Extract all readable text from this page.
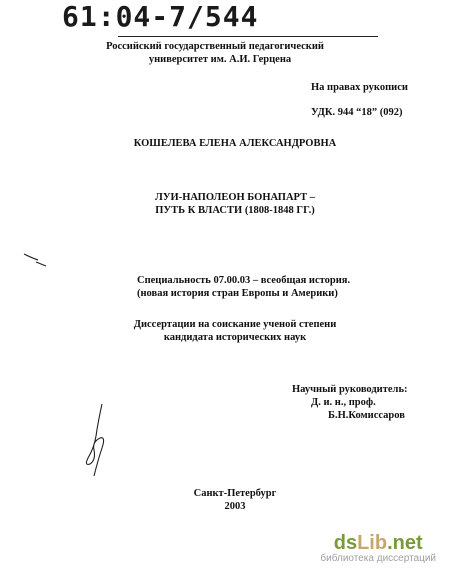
61:04-7/544
Российский государственный педагогический
университет им. А.И. Герцена
На правах рукописи
УДК. 944 “18” (092)
КОШЕЛЕВА ЕЛЕНА АЛЕКСАНДРОВНА
ЛУИ-НАПОЛЕОН БОНАПАРТ –
ПУТЬ К ВЛАСТИ (1808-1848 ГГ.)
Специальность 07.00.03 – всеобщая история.
(новая история стран Европы и Америки)
Диссертации на соискание ученой степени
кандидата исторических наук
Научный руководитель:
Д. и. н., проф.
Б.Н.Комиссаров
Санкт-Петербург
2003
dsLib.net
библиотека диссертаций
